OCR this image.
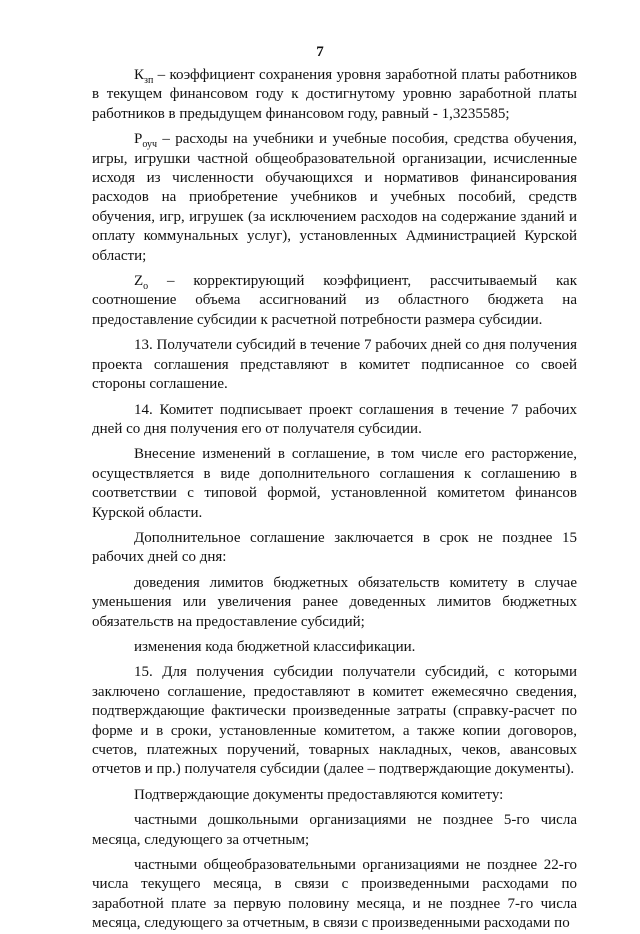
7

$К_{зп}$ – коэффициент сохранения уровня заработной платы работников в текущем финансовом году к достигнутому уровню заработной платы работников в предыдущем финансовом году, равный - 1,3235585;

$Р_{оуч}$ – расходы на учебники и учебные пособия, средства обучения, игры, игрушки частной общеобразовательной организации, исчисленные исходя из численности обучающихся и нормативов финансирования расходов на приобретение учебников и учебных пособий, средств обучения, игр, игрушек (за исключением расходов на содержание зданий и оплату коммунальных услуг), установленных Администрацией Курской области;

$Z_о$ – корректирующий коэффициент, рассчитываемый как соотношение объема ассигнований из областного бюджета на предоставление субсидии к расчетной потребности размера субсидии.

13. Получатели субсидий в течение 7 рабочих дней со дня получения проекта соглашения представляют в комитет подписанное со своей стороны соглашение.

14. Комитет подписывает проект соглашения в течение 7 рабочих дней со дня получения его от получателя субсидии.

Внесение изменений в соглашение, в том числе его расторжение, осуществляется в виде дополнительного соглашения к соглашению в соответствии с типовой формой, установленной комитетом финансов Курской области.

Дополнительное соглашение заключается в срок не позднее 15 рабочих дней со дня:

доведения лимитов бюджетных обязательств комитету в случае уменьшения или увеличения ранее доведенных лимитов бюджетных обязательств на предоставление субсидий;

изменения кода бюджетной классификации.

15. Для получения субсидии получатели субсидий, с которыми заключено соглашение, предоставляют в комитет ежемесячно сведения, подтверждающие фактически произведенные затраты (справку-расчет по форме и в сроки, установленные комитетом, а также копии договоров, счетов, платежных поручений, товарных накладных, чеков, авансовых отчетов и пр.) получателя субсидии (далее – подтверждающие документы).

Подтверждающие документы предоставляются комитету:

частными дошкольными организациями не позднее 5-го числа месяца, следующего за отчетным;

частными общеобразовательными организациями не позднее 22-го числа текущего месяца, в связи с произведенными расходами по заработной плате за первую половину месяца, и не позднее 7-го числа месяца, следующего за отчетным, в связи с произведенными расходами по
